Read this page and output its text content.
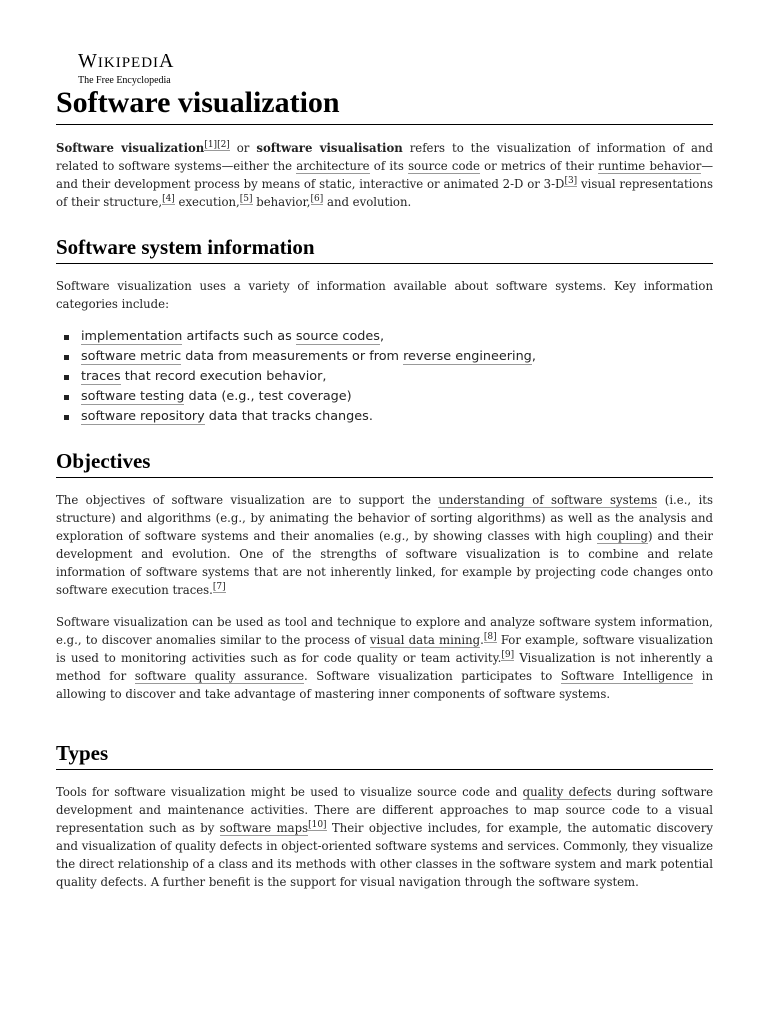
WIKIPEDIA
The Free Encyclopedia
Software visualization

Software visualization[1][2] or software visualisation refers to the visualization of information of and related to software systems—either the architecture of its source code or metrics of their runtime behavior—and their development process by means of static, interactive or animated 2-D or 3-D[3] visual representations of their structure,[4] execution,[5] behavior,[6] and evolution.

Software system information

Software visualization uses a variety of information available about software systems. Key information categories include:

implementation artifacts such as source codes,
software metric data from measurements or from reverse engineering,
traces that record execution behavior,
software testing data (e.g., test coverage)
software repository data that tracks changes.
Objectives

The objectives of software visualization are to support the understanding of software systems (i.e., its structure) and algorithms (e.g., by animating the behavior of sorting algorithms) as well as the analysis and exploration of software systems and their anomalies (e.g., by showing classes with high coupling) and their development and evolution. One of the strengths of software visualization is to combine and relate information of software systems that are not inherently linked, for example by projecting code changes onto software execution traces.[7]

Software visualization can be used as tool and technique to explore and analyze software system information, e.g., to discover anomalies similar to the process of visual data mining.[8] For example, software visualization is used to monitoring activities such as for code quality or team activity.[9] Visualization is not inherently a method for software quality assurance. Software visualization participates to Software Intelligence in allowing to discover and take advantage of mastering inner components of software systems.

Types

Tools for software visualization might be used to visualize source code and quality defects during software development and maintenance activities. There are different approaches to map source code to a visual representation such as by software maps[10] Their objective includes, for example, the automatic discovery and visualization of quality defects in object-oriented software systems and services. Commonly, they visualize the direct relationship of a class and its methods with other classes in the software system and mark potential quality defects. A further benefit is the support for visual navigation through the software system.
